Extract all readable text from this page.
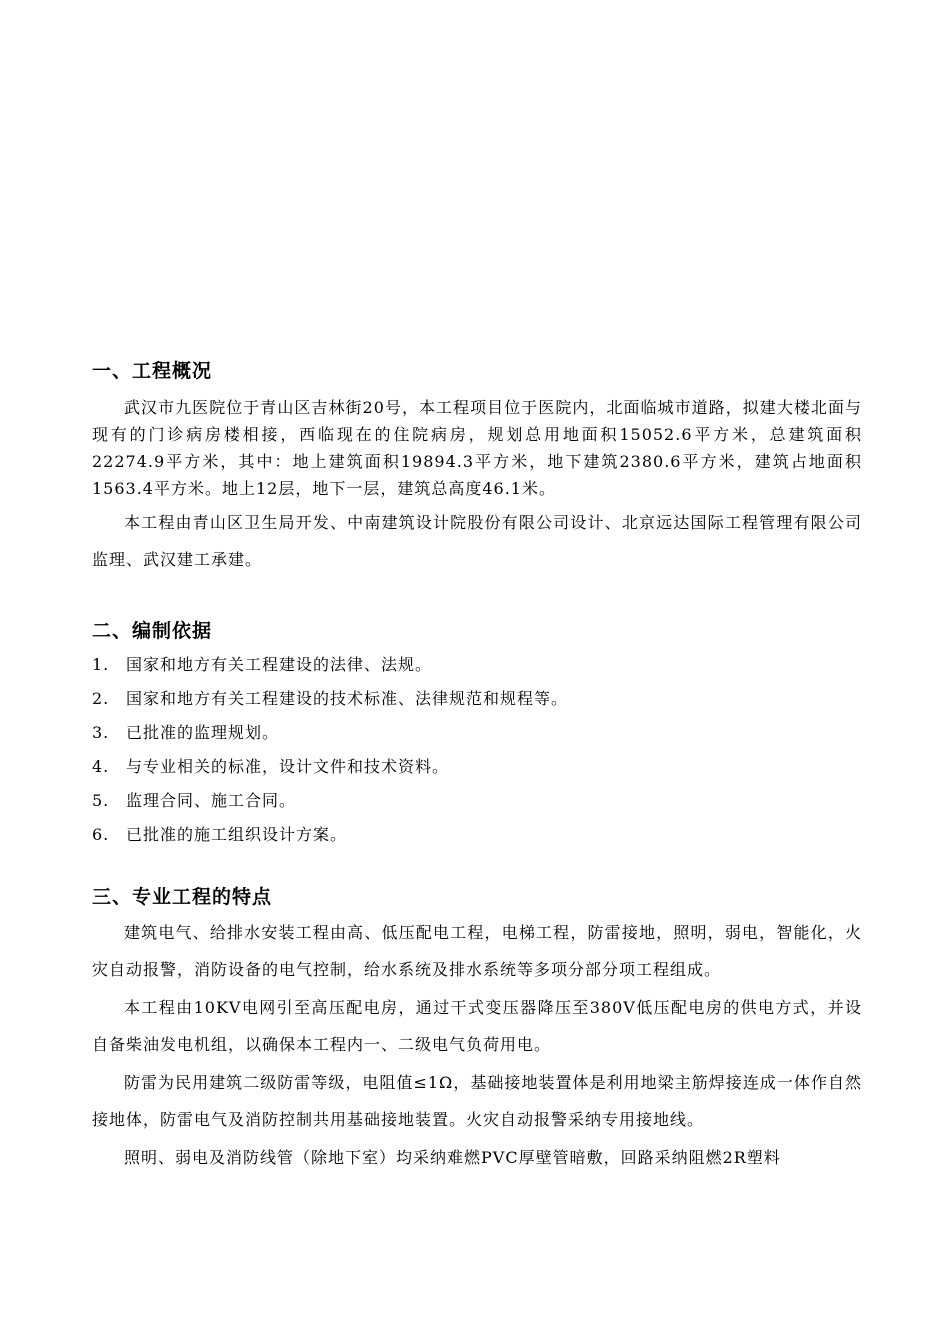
一、工程概况

武汉市九医院位于青山区吉林街20号，本工程项目位于医院内，北面临城市道路，拟建大楼北面与现有的门诊病房楼相接，西临现在的住院病房，规划总用地面积15052.6平方米，总建筑面积22274.9平方米，其中：地上建筑面积19894.3平方米，地下建筑2380.6平方米，建筑占地面积1563.4平方米。地上12层，地下一层，建筑总高度46.1米。

本工程由青山区卫生局开发、中南建筑设计院股份有限公司设计、北京远达国际工程管理有限公司监理、武汉建工承建。

二、编制依据
1.	国家和地方有关工程建设的法律、法规。
2.	国家和地方有关工程建设的技术标准、法律规范和规程等。
3.	已批准的监理规划。
4.	与专业相关的标准，设计文件和技术资料。
5.	监理合同、施工合同。
6.	已批准的施工组织设计方案。
三、专业工程的特点

建筑电气、给排水安装工程由高、低压配电工程，电梯工程，防雷接地，照明，弱电，智能化，火灾自动报警，消防设备的电气控制，给水系统及排水系统等多项分部分项工程组成。

本工程由10KV电网引至高压配电房，通过干式变压器降压至380V低压配电房的供电方式，并设自备柴油发电机组，以确保本工程内一、二级电气负荷用电。

防雷为民用建筑二级防雷等级，电阻值≤1Ω，基础接地装置体是利用地梁主筋焊接连成一体作自然接地体，防雷电气及消防控制共用基础接地装置。火灾自动报警采纳专用接地线。

照明、弱电及消防线管（除地下室）均采纳难燃PVC厚壁管暗敷，回路采纳阻燃2R塑料
